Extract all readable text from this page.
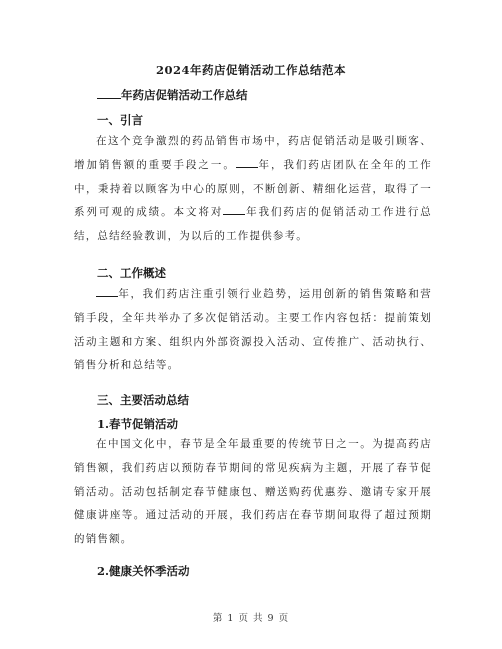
2024年药店促销活动工作总结范本
年药店促销活动工作总结
一、引言
在这个竞争激烈的药品销售市场中，药店促销活动是吸引顾客、增加销售额的重要手段之一。 年，我们药店团队在全年的工作中，秉持着以顾客为中心的原则，不断创新、精细化运营，取得了一系列可观的成绩。本文将对 年我们药店的促销活动工作进行总结，总结经验教训，为以后的工作提供参考。
二、工作概述
年，我们药店注重引领行业趋势，运用创新的销售策略和营销手段，全年共举办了多次促销活动。主要工作内容包括：提前策划活动主题和方案、组织内外部资源投入活动、宣传推广、活动执行、销售分析和总结等。
三、主要活动总结
1.春节促销活动
在中国文化中，春节是全年最重要的传统节日之一。为提高药店销售额，我们药店以预防春节期间的常见疾病为主题，开展了春节促销活动。活动包括制定春节健康包、赠送购药优惠券、邀请专家开展健康讲座等。通过活动的开展，我们药店在春节期间取得了超过预期的销售额。
2.健康关怀季活动
第 1 页 共 9 页
